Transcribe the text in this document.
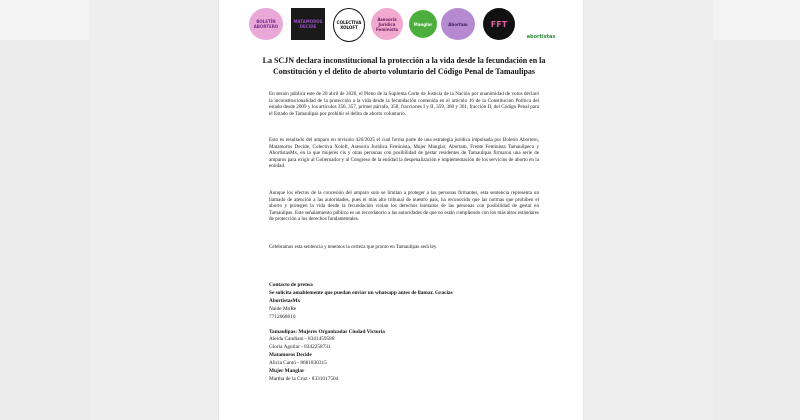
BOLETÍN ABORTERO
MATAMOROS DECIDE
COLECTIVA XOLOFT
Asesoría Jurídica Feminista
Manglar	Abortam	FFT
abortistas
La SCJN declara inconstitucional la protección a la vida desde la fecundación en la Constitución y el delito de aborto voluntario del Código Penal de Tamaulipas
En sesión pública este de 20 abril de 2026, el Pleno de la Suprema Corte de Justicia de la Nación por unanimidad de votos declaró la inconstitucionalidad de la protección a la vida desde la fecundación contenida en el artículo 16 de la Constitución Política del estado desde 2009 y los artículos 356, 357, primer párrafo, 358, fracciones I y II, 359, 360 y 361, fracción II, del Código Penal para el Estado de Tamaulipas por prohibir el delito de aborto voluntario.
Esto es resultado del amparo en revisión 426/2025 el cual forma parte de una estrategia jurídica impulsada por Boletín Abortero, Matamoros Decide, Colectiva Xoloft, Asesoría Jurídica Feminista, Mujer Manglar, Abortam, Frente Feminista Tamaulipeco y AbortistasMx, en la que mujeres cis y otras personas con posibilidad de gestar residentes de Tamaulipas firmaron una serie de amparos para exigir al Gobernador y al Congreso de la entidad la despenalización e implementación de los servicios de aborto en la entidad.
Aunque los efectos de la concesión del amparo solo se limitan a proteger a las personas firmantes, esta sentencia representa un llamado de atención a las autoridades, pues el más alto tribunal de nuestro país, ha reconocido que las normas que prohíben el aborto y protegen la vida desde la fecundación violan los derechos humanos de las personas con posibilidad de gestar en Tamaulipas. Este señalamiento público es un recordatorio a las autoridades de que no están cumpliendo con los más altos estándares de protección a los derechos fundamentales.
Celebramos esta sentencia y tenemos la certeza que pronto en Tamaulipas será ley.
Contacto de prensa
Se solicita amablemente que puedan enviar un whatsapp antes de llamar. Gracias
AbortistasMx
Naide MoRe
7712668610
Tamaulipas: Mujeres Organizadas Ciudad Victoria
Aleida Candiani - 8341459588
Gloria Aguilar - 8342258731
Matamoros Decide
Alicia Cantú - 8681830315
Mujer Manglar
Martha de la Cruz - 8331017504
